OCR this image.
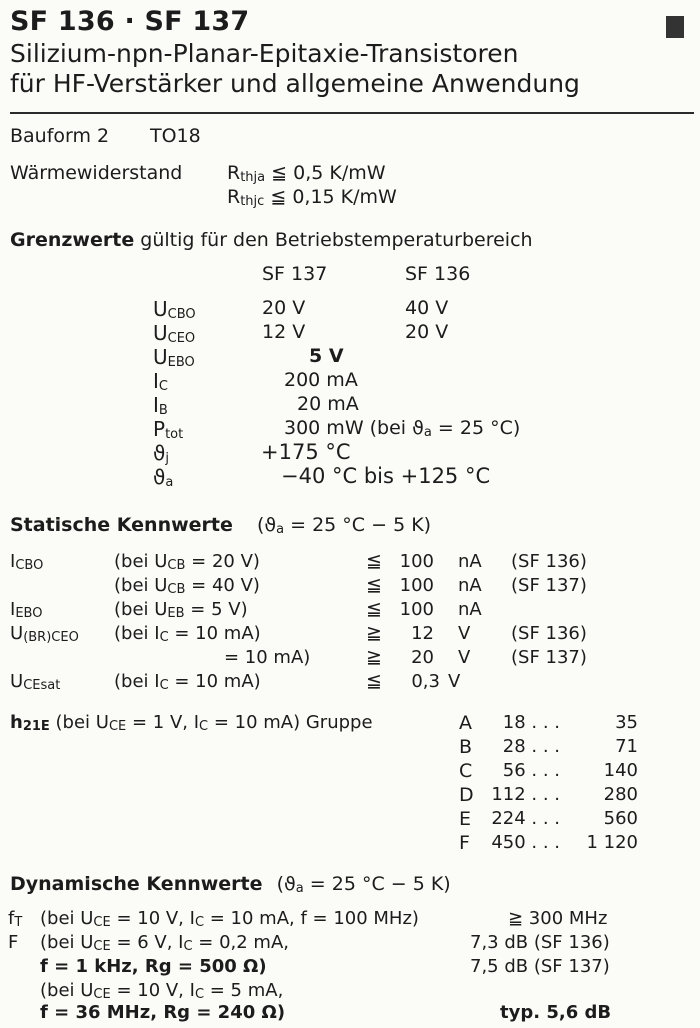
SF 136 · SF 137
Silizium-npn-Planar-Epitaxie-Transistoren
für HF-Verstärker und allgemeine Anwendung
Bauform 2 TO18
Wärmewiderstand $R_{thja}$ ≦ 0,5 K/mW
$R_{thjc}$ ≦ 0,15 K/mW
Grenzwerte gültig für den Betriebstemperaturbereich
SF 137	SF 136
$U_{CBO}$	20 V	40 V
$U_{CEO}$	12 V	20 V
$U_{EBO}$	5 V
$I_C$	200 mA
$I_B$	20 mA
$P_{tot}$	300 mW (bei $ϑ_a = 25$ °C)
$ϑ_j$	+175 °C
$ϑ_a$	−40 °C bis +125 °C
Statische Kennwerte ($ϑ_a = 25$ °C − 5 K)
$I_{CBO}$	(bei $U_{CB} = 20$ V)	≦ 100 nA (SF 136)
(bei $U_{CB} = 40$ V)	≦ 100 nA (SF 137)
$I_{EBO}$	(bei $U_{EB} = 5$ V)	≦ 100 nA
$U_{(BR)CEO}$ (bei $I_C = 10$ mA)	≧	12 V (SF 136)
= 10 mA)	≧	20 V (SF 137)
$U_{CEsat}$	(bei $I_C = 10$ mA)	≦	0,3 V
$h_{21E}$ (bei $U_{CE} = 1$ V, $I_C = 10$ mA) Gruppe	A	18 . . .	35
B	28 . . .	71
C	56 . . .	140
D 112 . . .	280
E	224 . . .	560
F	450 . . .	1 120
Dynamische Kennwerte ($ϑ_a = 25$ °C − 5 K)
$f_T$ (bei $U_{CE} = 10$ V, $I_C = 10$ mA, f = 100 MHz)	≧ 300 MHz
F (bei $U_{CE} = 6$ V, $I_C = 0,2$ mA,	7,3 dB (SF 136)
f = 1 kHz, Rg = 500 Ω)	7,5 dB (SF 137)
(bei $U_{CE} = 10$ V, $I_C = 5$ mA,
f = 36 MHz, Rg = 240 Ω)	typ. 5,6 dB
